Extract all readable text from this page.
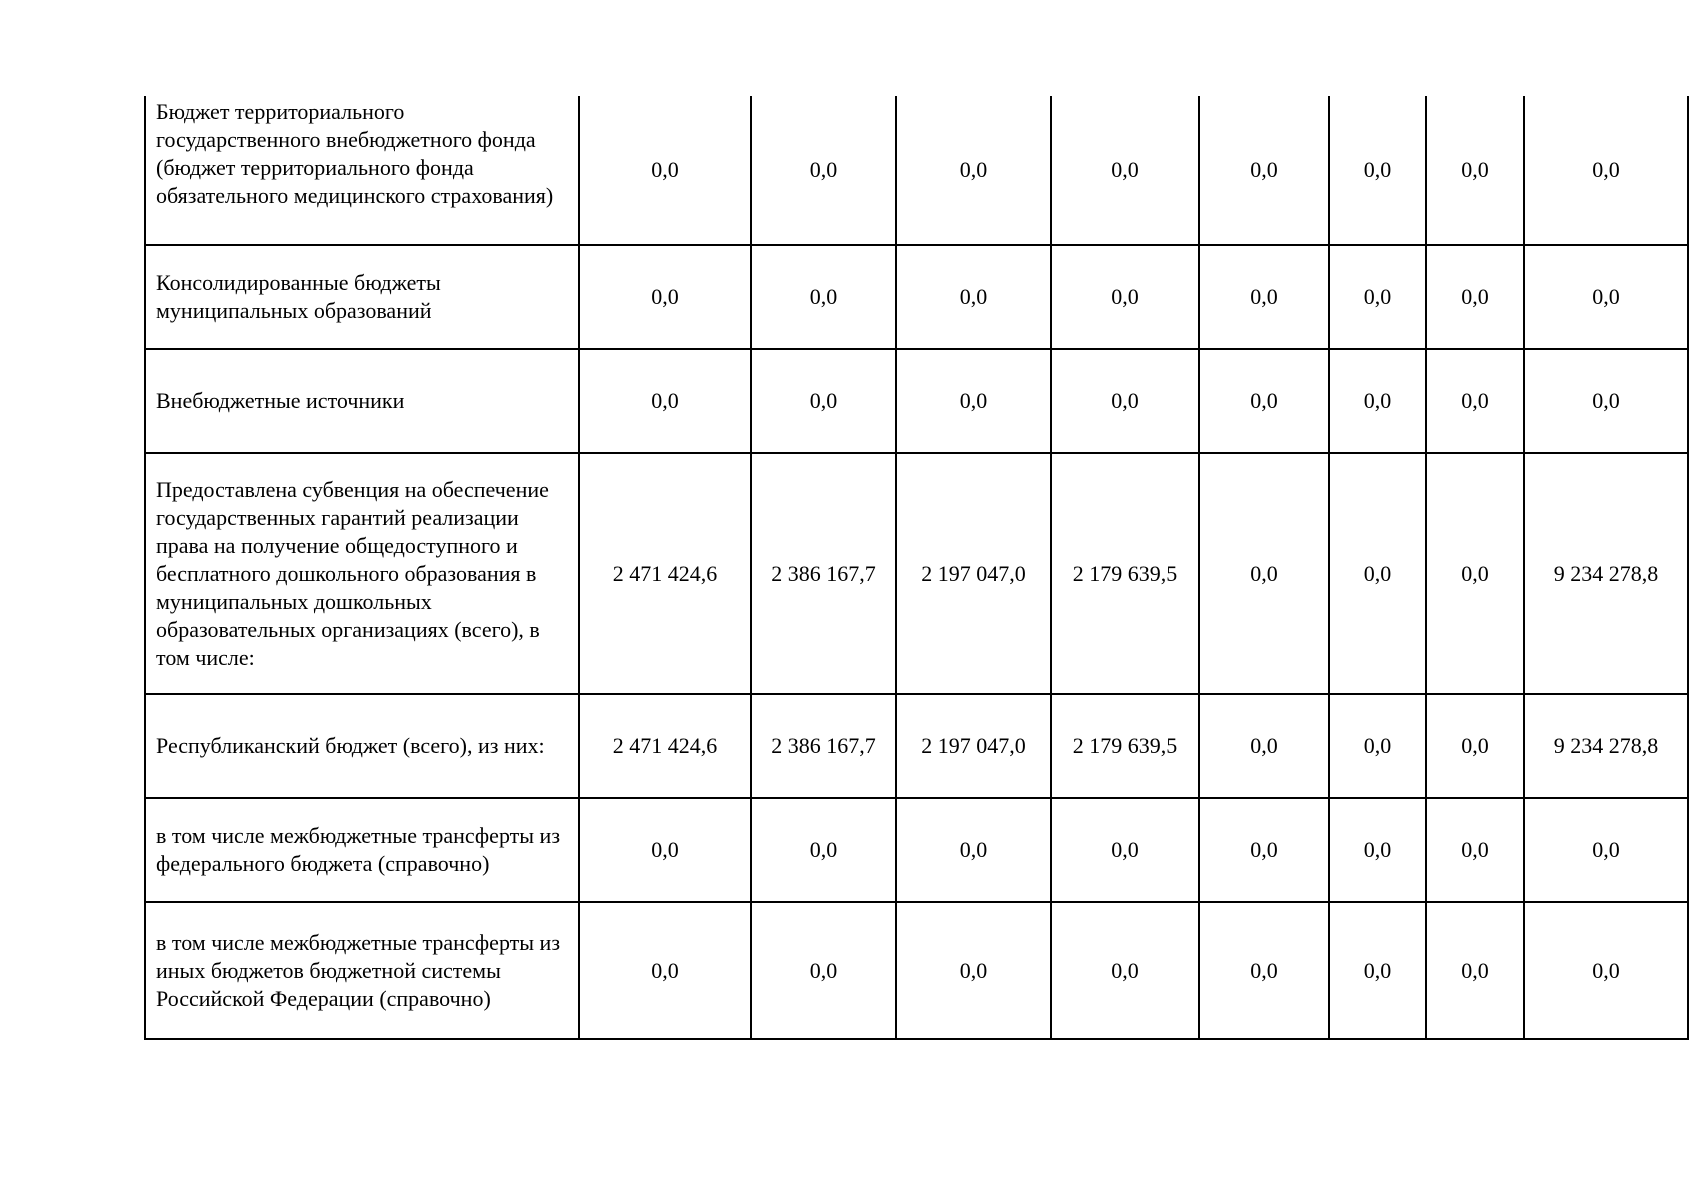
Бюджет территориального государственного внебюджетного фонда (бюджет территориального фонда обязательного медицинского страхования)	0,0	0,0	0,0	0,0	0,0	0,0	0,0	0,0
Консолидированные бюджеты муниципальных образований	0,0	0,0	0,0	0,0	0,0	0,0	0,0	0,0
Внебюджетные источники	0,0	0,0	0,0	0,0	0,0	0,0	0,0	0,0
Предоставлена субвенция на обеспечение государственных гарантий реализации права на получение общедоступного и бесплатного дошкольного образования в муниципальных дошкольных образовательных организациях (всего), в том числе:	2 471 424,6	2 386 167,7	2 197 047,0	2 179 639,5	0,0	0,0	0,0	9 234 278,8
Республиканский бюджет (всего), из них:	2 471 424,6	2 386 167,7	2 197 047,0	2 179 639,5	0,0	0,0	0,0	9 234 278,8
в том числе межбюджетные трансферты из федерального бюджета (справочно)	0,0	0,0	0,0	0,0	0,0	0,0	0,0	0,0
в том числе межбюджетные трансферты из иных бюджетов бюджетной системы Российской Федерации (справочно)	0,0	0,0	0,0	0,0	0,0	0,0	0,0	0,0
